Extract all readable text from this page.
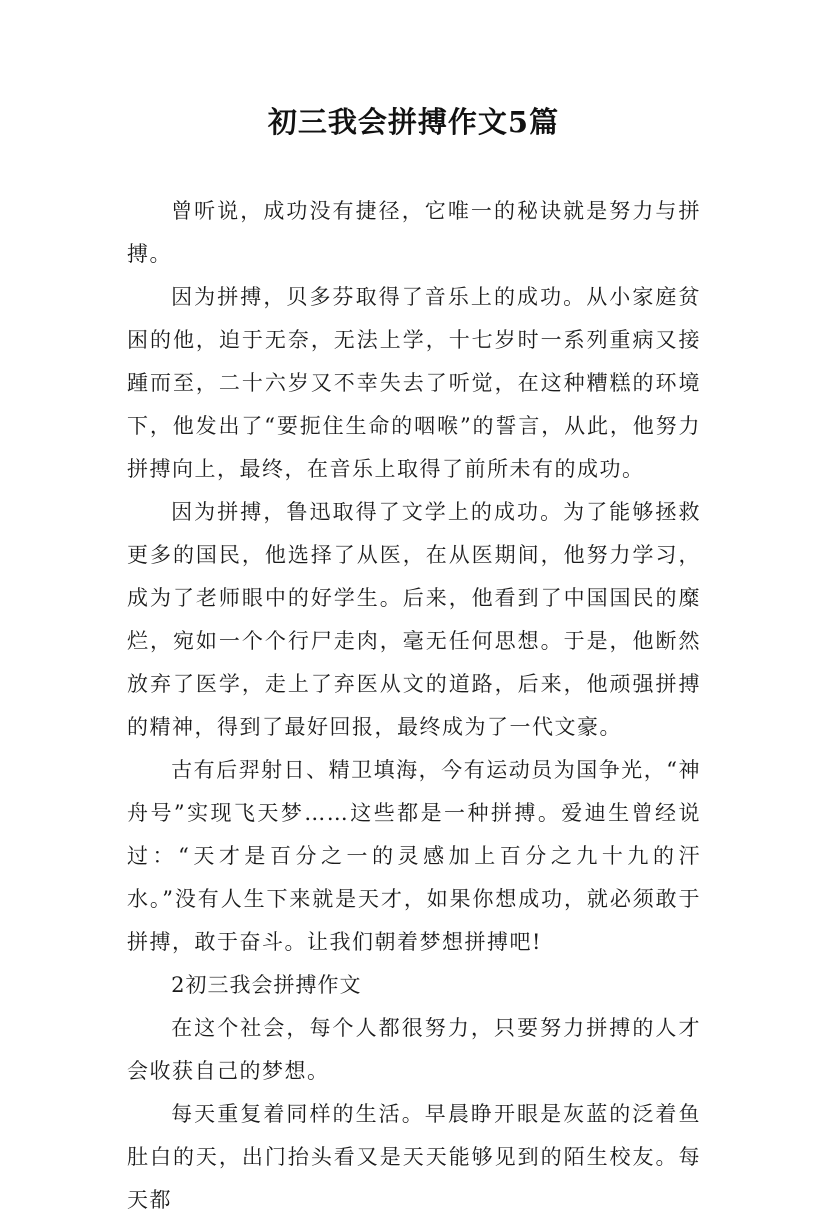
初三我会拼搏作文5篇

曾听说，成功没有捷径，它唯一的秘诀就是努力与拼搏。

因为拼搏，贝多芬取得了音乐上的成功。从小家庭贫困的他，迫于无奈，无法上学，十七岁时一系列重病又接踵而至，二十六岁又不幸失去了听觉，在这种糟糕的环境下，他发出了“要扼住生命的咽喉”的誓言，从此，他努力拼搏向上，最终，在音乐上取得了前所未有的成功。

因为拼搏，鲁迅取得了文学上的成功。为了能够拯救更多的国民，他选择了从医，在从医期间，他努力学习，成为了老师眼中的好学生。后来，他看到了中国国民的糜烂，宛如一个个行尸走肉，毫无任何思想。于是，他断然放弃了医学，走上了弃医从文的道路，后来，他顽强拼搏的精神，得到了最好回报，最终成为了一代文豪。

古有后羿射日、精卫填海，今有运动员为国争光，“神舟号”实现飞天梦……这些都是一种拼搏。爱迪生曾经说过：“天才是百分之一的灵感加上百分之九十九的汗水。”没有人生下来就是天才，如果你想成功，就必须敢于拼搏，敢于奋斗。让我们朝着梦想拼搏吧!

2初三我会拼搏作文

在这个社会，每个人都很努力，只要努力拼搏的人才会收获自己的梦想。

每天重复着同样的生活。早晨睁开眼是灰蓝的泛着鱼肚白的天，出门抬头看又是天天能够见到的陌生校友。每天都
